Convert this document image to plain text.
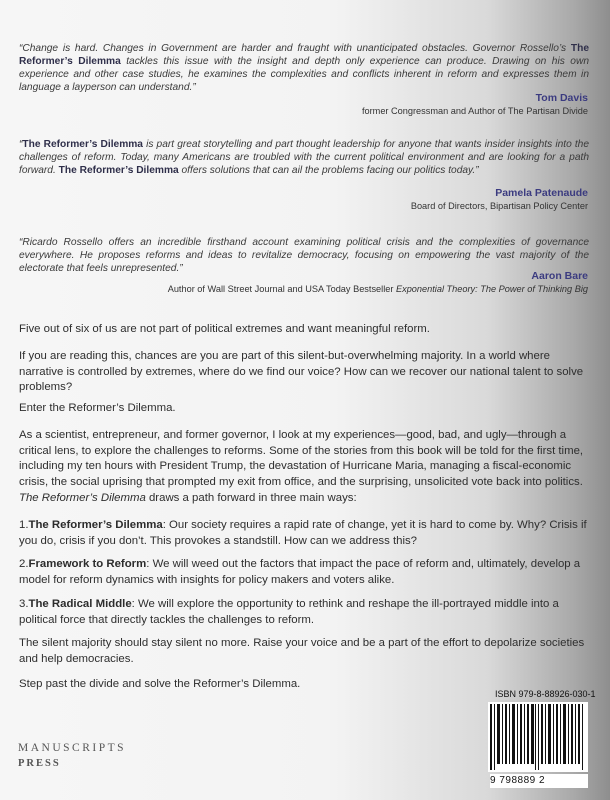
“Change is hard. Changes in Government are harder and fraught with unanticipated obstacles. Governor Rossello’s The Reformer’s Dilemma tackles this issue with the insight and depth only experience can produce. Drawing on his own experience and other case studies, he examines the complexities and conflicts inherent in reform and expresses them in language a layperson can understand.”
Tom Davis
former Congressman and Author of The Partisan Divide
“The Reformer’s Dilemma is part great storytelling and part thought leadership for anyone that wants insider insights into the challenges of reform. Today, many Americans are troubled with the current political environment and are looking for a path forward. The Reformer’s Dilemma offers solutions that can ail the problems facing our politics today.”
Pamela Patenaude
Board of Directors, Bipartisan Policy Center
“Ricardo Rossello offers an incredible firsthand account examining political crisis and the complexities of governance everywhere. He proposes reforms and ideas to revitalize democracy, focusing on empowering the vast majority of the electorate that feels unrepresented.”
Aaron Bare
Author of Wall Street Journal and USA Today Bestseller Exponential Theory: The Power of Thinking Big

Five out of six of us are not part of political extremes and want meaningful reform.

If you are reading this, chances are you are part of this silent-but-overwhelming majority. In a world where narrative is controlled by extremes, where do we find our voice? How can we recover our national talent to solve problems?

Enter the Reformer’s Dilemma.

As a scientist, entrepreneur, and former governor, I look at my experiences—good, bad, and ugly—through a critical lens, to explore the challenges to reforms. Some of the stories from this book will be told for the first time, including my ten hours with President Trump, the devastation of Hurricane Maria, managing a fiscal-economic crisis, the social uprising that prompted my exit from office, and the surprising, unsolicited vote back into politics.

The Reformer’s Dilemma draws a path forward in three main ways:

1.The Reformer’s Dilemma: Our society requires a rapid rate of change, yet it is hard to come by. Why? Crisis if you do, crisis if you don’t. This provokes a standstill. How can we address this?

2.Framework to Reform: We will weed out the factors that impact the pace of reform and, ultimately, develop a model for reform dynamics with insights for policy makers and voters alike.

3.The Radical Middle: We will explore the opportunity to rethink and reshape the ill-portrayed middle into a political force that directly tackles the challenges to reform.

The silent majority should stay silent no more. Raise your voice and be a part of the effort to depolarize societies and help democracies.

Step past the divide and solve the Reformer’s Dilemma.

MANUSCRIPTS
PRESS
ISBN 979-8-88926-030-1
9 798889 2
